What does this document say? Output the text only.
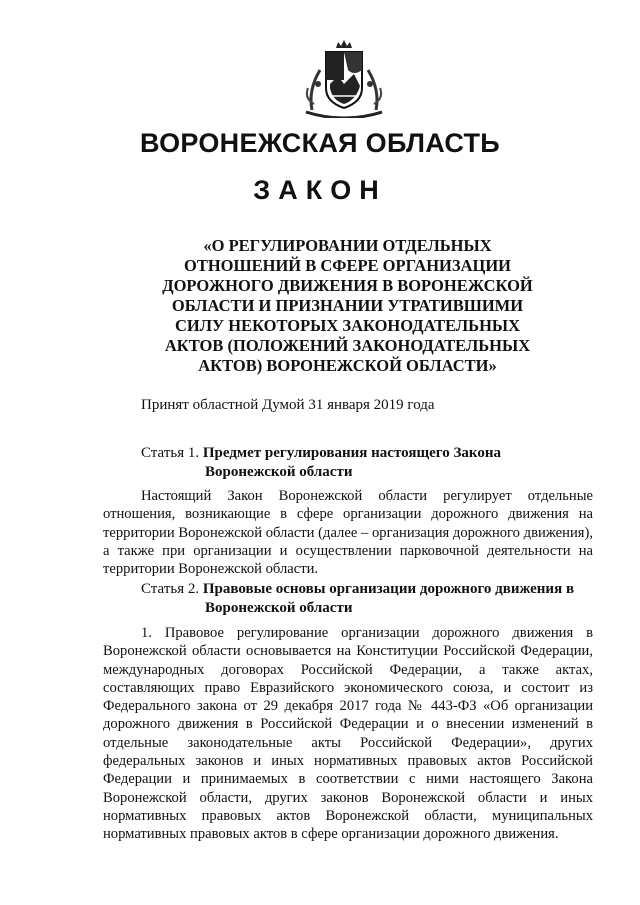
ВОРОНЕЖСКАЯ ОБЛАСТЬ
ЗАКОН
«О РЕГУЛИРОВАНИИ ОТДЕЛЬНЫХ
ОТНОШЕНИЙ В СФЕРЕ ОРГАНИЗАЦИИ
ДОРОЖНОГО ДВИЖЕНИЯ В ВОРОНЕЖСКОЙ
ОБЛАСТИ И ПРИЗНАНИИ УТРАТИВШИМИ
СИЛУ НЕКОТОРЫХ ЗАКОНОДАТЕЛЬНЫХ
АКТОВ (ПОЛОЖЕНИЙ ЗАКОНОДАТЕЛЬНЫХ
АКТОВ) ВОРОНЕЖСКОЙ ОБЛАСТИ»

Принят областной Думой 31 января 2019 года

Статья 1. Предмет регулирования настоящего Закона
Воронежской области

Настоящий Закон Воронежской области регулирует отдельные отношения, возникающие в сфере организации дорожного движения на территории Воронежской области (далее – организация дорожного движения), а также при организации и осуществлении парковочной деятельности на территории Воронежской области.

Статья 2. Правовые основы организации дорожного движения в
Воронежской области

1. Правовое регулирование организации дорожного движения в Воронежской области основывается на Конституции Российской Федерации, международных договорах Российской Федерации, а также актах, составляющих право Евразийского экономического союза, и состоит из Федерального закона от 29 декабря 2017 года № 443-ФЗ «Об организации дорожного движения в Российской Федерации и о внесении изменений в отдельные законодательные акты Российской Федерации», других федеральных законов и иных нормативных правовых актов Российской Федерации и принимаемых в соответствии с ними настоящего Закона Воронежской области, других законов Воронежской области и иных нормативных правовых актов Воронежской области, муниципальных нормативных правовых актов в сфере организации дорожного движения.
